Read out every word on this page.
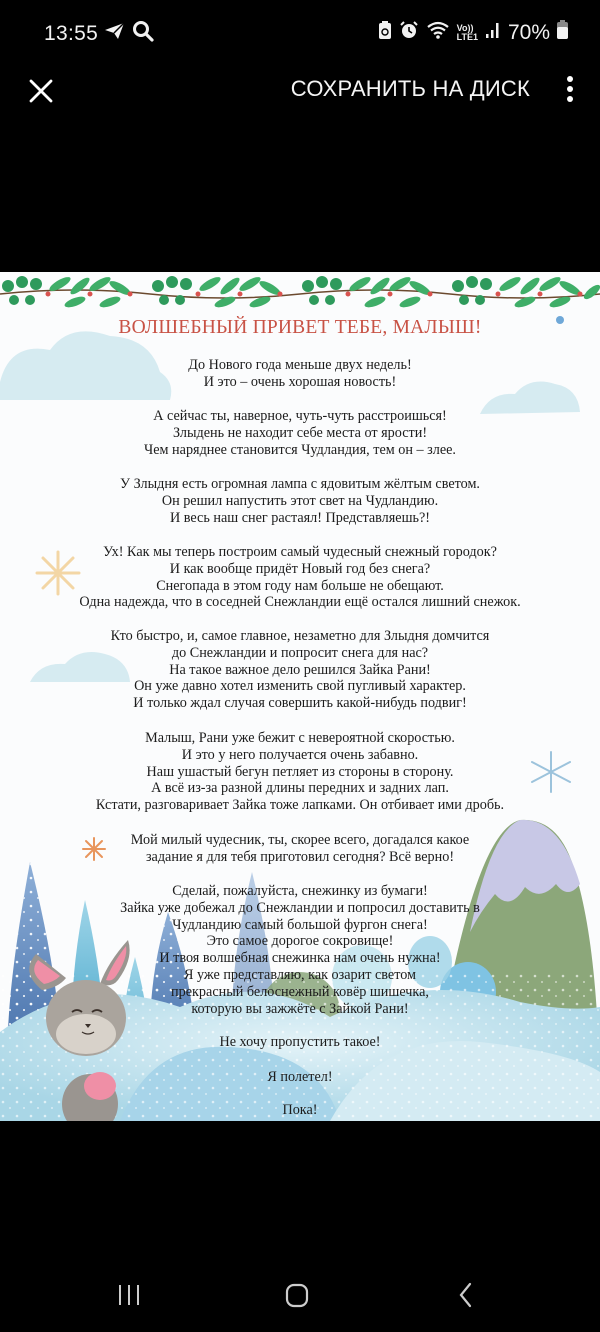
13:55	Vo))
LTE1 70%
СОХРАНИТЬ НА ДИСК
ВОЛШЕБНЫЙ ПРИВЕТ ТЕБЕ, МАЛЫШ!
До Нового года меньше двух недель!
И это – очень хорошая новость!
А сейчас ты, наверное, чуть-чуть расстроишься!
Злыдень не находит себе места от ярости!
Чем наряднее становится Чудландия, тем он – злее.
У Злыдня есть огромная лампа с ядовитым жёлтым светом.
Он решил напустить этот свет на Чудландию.
И весь наш снег растаял! Представляешь?!
Ух! Как мы теперь построим самый чудесный снежный городок?
И как вообще придёт Новый год без снега?
Снегопада в этом году нам больше не обещают.
Одна надежда, что в соседней Снежландии ещё остался лишний снежок.
Кто быстро, и, самое главное, незаметно для Злыдня домчится
до Снежландии и попросит снега для нас?
На такое важное дело решился Зайка Рани!
Он уже давно хотел изменить свой пугливый характер.
И только ждал случая совершить какой-нибудь подвиг!
Малыш, Рани уже бежит с невероятной скоростью.
И это у него получается очень забавно.
Наш ушастый бегун петляет из стороны в сторону.
А всё из-за разной длины передних и задних лап.
Кстати, разговаривает Зайка тоже лапками. Он отбивает ими дробь.
Мой милый чудесник, ты, скорее всего, догадался какое
задание я для тебя приготовил сегодня? Всё верно!
Сделай, пожалуйста, снежинку из бумаги!
Зайка уже добежал до Снежландии и попросил доставить в
Чудландию самый большой фургон снега!
Это самое дорогое сокровище!
И твоя волшебная снежинка нам очень нужна!
Я уже представляю, как озарит светом
прекрасный белоснежный ковёр шишечка,
которую вы зажжёте с Зайкой Рани!
Не хочу пропустить такое!
Я полетел!
Пока!
